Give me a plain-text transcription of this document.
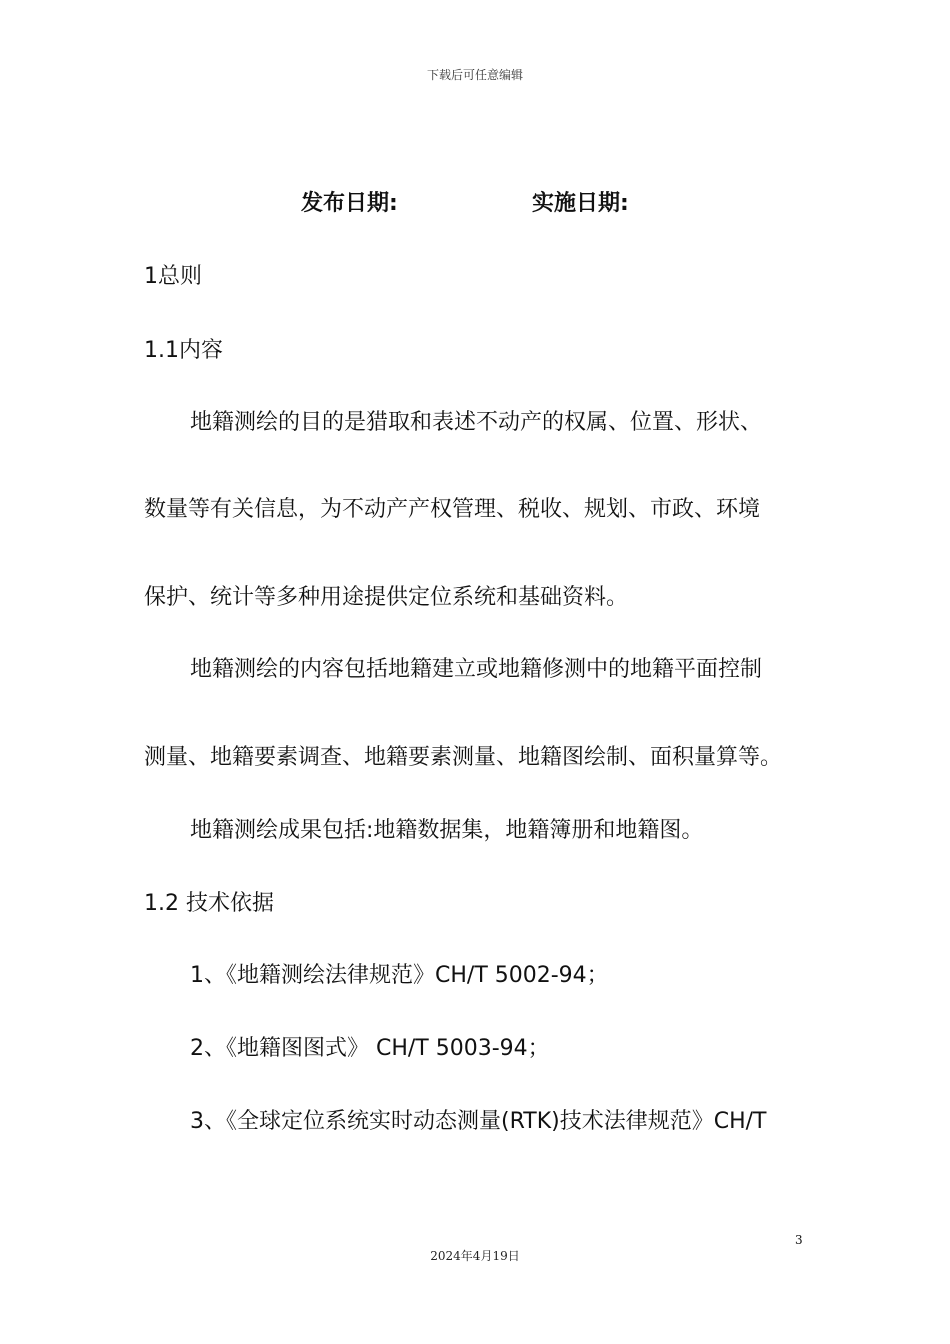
下载后可任意编辑
发布日期:	实施日期:
1总则
1.1内容
地籍测绘的目的是猎取和表述不动产的权属、位置、形状、
数量等有关信息，为不动产产权管理、税收、规划、市政、环境
保护、统计等多种用途提供定位系统和基础资料。
地籍测绘的内容包括地籍建立或地籍修测中的地籍平面控制
测量、地籍要素调查、地籍要素测量、地籍图绘制、面积量算等。
地籍测绘成果包括:地籍数据集，地籍簿册和地籍图。
1.2 技术依据
1、《地籍测绘法律规范》CH/T 5002-94；
2、《地籍图图式》 CH/T 5003-94；
3、《全球定位系统实时动态测量(RTK)技术法律规范》CH/T
3
2024年4月19日
